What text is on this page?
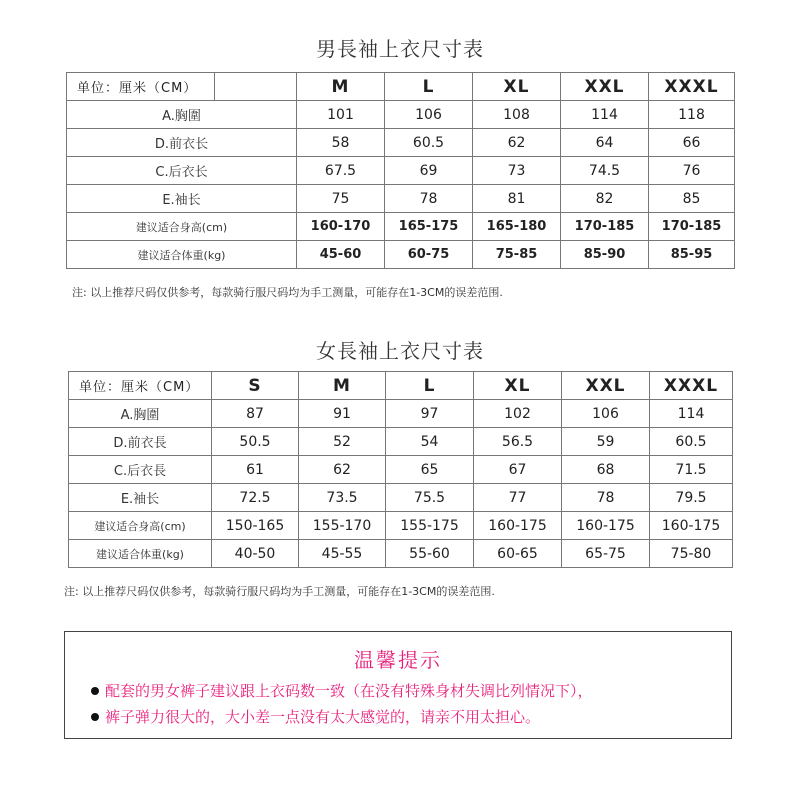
男長袖上衣尺寸表
单位：厘米（CM）		M	L	XL	XXL	XXXL
A.胸圍		101	106	108	114	118
D.前衣长		58	60.5	62	64	66
C.后衣长		67.5	69	73	74.5	76
E.袖长		75	78	81	82	85
建议适合身高(cm)		160-170	165-175	165-180	170-185	170-185
建议适合体重(kg)		45-60	60-75	75-85	85-90	85-95
注: 以上推荐尺码仅供参考，每款骑行服尺码均为手工测量，可能存在1-3CM的误差范围.
女長袖上衣尺寸表
单位：厘米（CM）	S	M	L	XL	XXL	XXXL
A.胸圍	87	91	97	102	106	114
D.前衣長	50.5	52	54	56.5	59	60.5
C.后衣長	61	62	65	67	68	71.5
E.袖长	72.5	73.5	75.5	77	78	79.5
建议适合身高(cm)	150-165	155-170	155-175	160-175	160-175	160-175
建议适合体重(kg)	40-50	45-55	55-60	60-65	65-75	75-80
注: 以上推荐尺码仅供参考，每款骑行服尺码均为手工测量，可能存在1-3CM的误差范围.
温馨提示
配套的男女裤子建议跟上衣码数一致（在没有特殊身材失调比列情况下），
裤子弹力很大的，大小差一点没有太大感觉的，请亲不用太担心。
